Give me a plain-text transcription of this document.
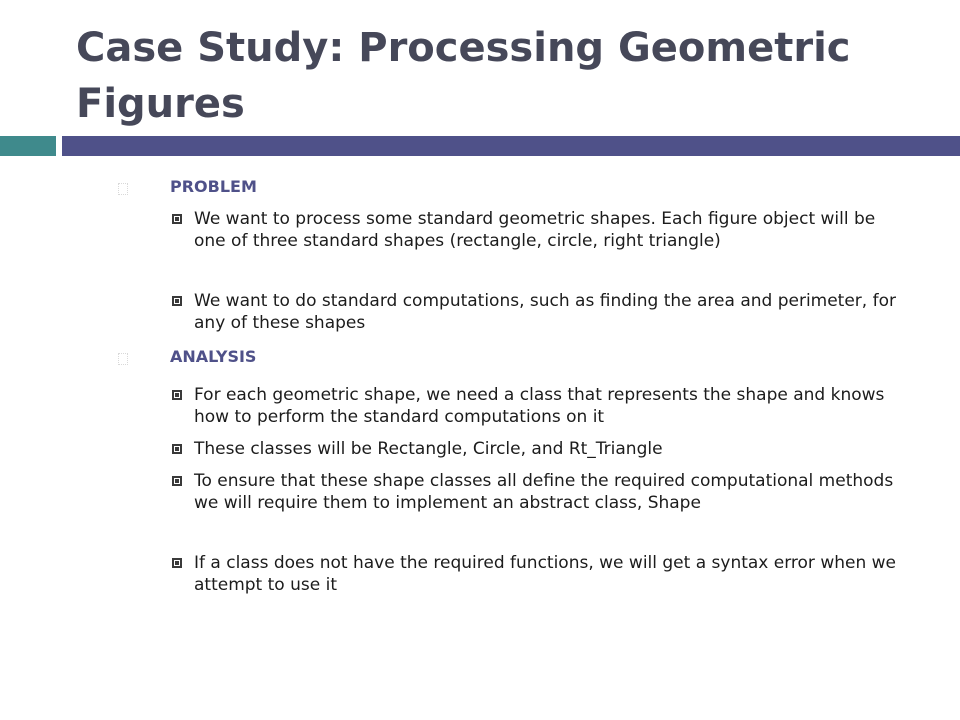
Case Study: Processing Geometric Figures
PROBLEM
We want to process some standard geometric shapes. Each figure object will be one of three standard shapes (rectangle, circle, right triangle)
We want to do standard computations, such as finding the area and perimeter, for any of these shapes
ANALYSIS
For each geometric shape, we need a class that represents the shape and knows how to perform the standard computations on it
These classes will be Rectangle, Circle, and Rt_Triangle
To ensure that these shape classes all define the required computational methods we will require them to implement an abstract class, Shape
If a class does not have the required functions, we will get a syntax error when we attempt to use it
